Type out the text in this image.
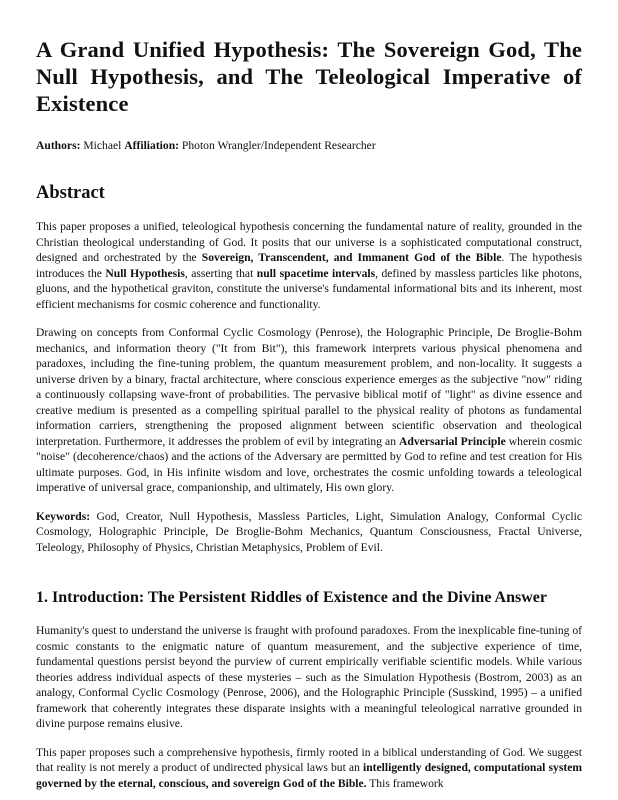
A Grand Unified Hypothesis: The Sovereign God, The Null Hypothesis, and The Teleological Imperative of Existence
Authors: Michael Affiliation: Photon Wrangler/Independent Researcher
Abstract

This paper proposes a unified, teleological hypothesis concerning the fundamental nature of reality, grounded in the Christian theological understanding of God. It posits that our universe is a sophisticated computational construct, designed and orchestrated by the Sovereign, Transcendent, and Immanent God of the Bible. The hypothesis introduces the Null Hypothesis, asserting that null spacetime intervals, defined by massless particles like photons, gluons, and the hypothetical graviton, constitute the universe's fundamental informational bits and its inherent, most efficient mechanisms for cosmic coherence and functionality.

Drawing on concepts from Conformal Cyclic Cosmology (Penrose), the Holographic Principle, De Broglie-Bohm mechanics, and information theory ("It from Bit"), this framework interprets various physical phenomena and paradoxes, including the fine-tuning problem, the quantum measurement problem, and non-locality. It suggests a universe driven by a binary, fractal architecture, where conscious experience emerges as the subjective "now" riding a continuously collapsing wave-front of probabilities. The pervasive biblical motif of "light" as divine essence and creative medium is presented as a compelling spiritual parallel to the physical reality of photons as fundamental information carriers, strengthening the proposed alignment between scientific observation and theological interpretation. Furthermore, it addresses the problem of evil by integrating an Adversarial Principle wherein cosmic "noise" (decoherence/chaos) and the actions of the Adversary are permitted by God to refine and test creation for His ultimate purposes. God, in His infinite wisdom and love, orchestrates the cosmic unfolding towards a teleological imperative of universal grace, companionship, and ultimately, His own glory.

Keywords: God, Creator, Null Hypothesis, Massless Particles, Light, Simulation Analogy, Conformal Cyclic Cosmology, Holographic Principle, De Broglie-Bohm Mechanics, Quantum Consciousness, Fractal Universe, Teleology, Philosophy of Physics, Christian Metaphysics, Problem of Evil.

1. Introduction: The Persistent Riddles of Existence and the Divine Answer

Humanity's quest to understand the universe is fraught with profound paradoxes. From the inexplicable fine-tuning of cosmic constants to the enigmatic nature of quantum measurement, and the subjective experience of time, fundamental questions persist beyond the purview of current empirically verifiable scientific models. While various theories address individual aspects of these mysteries – such as the Simulation Hypothesis (Bostrom, 2003) as an analogy, Conformal Cyclic Cosmology (Penrose, 2006), and the Holographic Principle (Susskind, 1995) – a unified framework that coherently integrates these disparate insights with a meaningful teleological narrative grounded in divine purpose remains elusive.

This paper proposes such a comprehensive hypothesis, firmly rooted in a biblical understanding of God. We suggest that reality is not merely a product of undirected physical laws but an intelligently designed, computational system governed by the eternal, conscious, and sovereign God of the Bible. This framework
